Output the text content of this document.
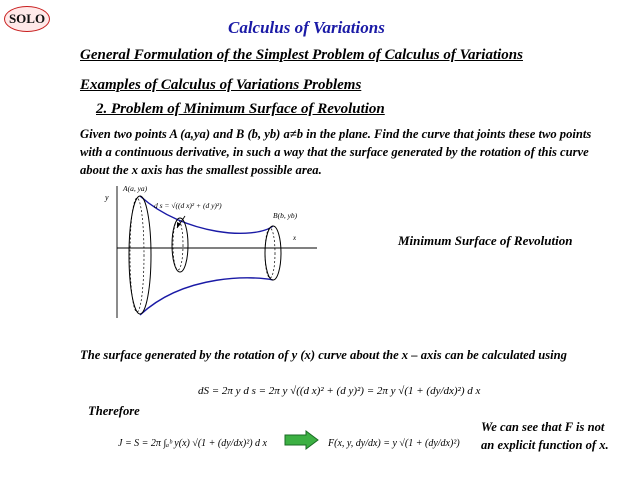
SOLO	Calculus of Variations
General Formulation of the Simplest Problem of Calculus of Variations
Examples of Calculus of Variations Problems
2. Problem of Minimum Surface of Revolution
Given two points A (a,ya) and B (b, yb) a≠b in the plane. Find the curve that joints these two points with a continuous derivative, in such a way that the surface generated by the rotation of this curve about the x axis has the smallest possible area.
y
x
A(a, ya)
B(b, yb)
d s = √((d x)² + (d y)²)
Minimum Surface of Revolution
The surface generated by the rotation of y (x) curve about the x – axis can be calculated using
dS = 2π y d s = 2π y √((d x)² + (d y)²) = 2π y √(1 + (dy/dx)²) d x
Therefore
J = S = 2π ∫ₐᵇ y(x) √(1 + (dy/dx)²) d x	F(x, y, dy/dx) = y √(1 + (dy/dx)²)
We can see that F is not an explicit function of x.
